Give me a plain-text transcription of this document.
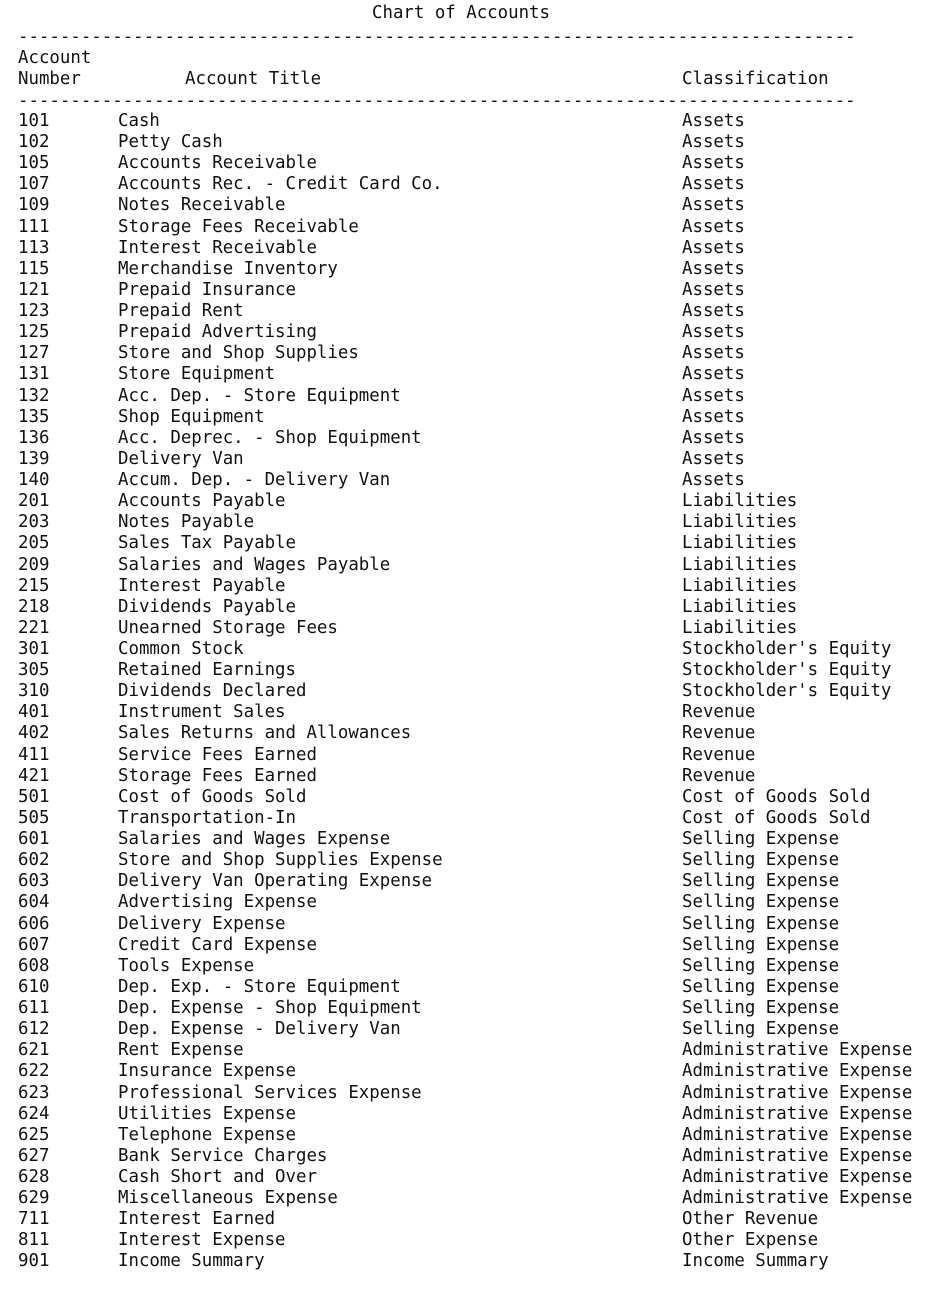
Chart of Accounts
--------------------------------------------------------------------------------
Account
Number	Account Title	Classification
--------------------------------------------------------------------------------
101	Cash	Assets
102	Petty Cash	Assets
105	Accounts Receivable	Assets
107	Accounts Rec. - Credit Card Co.	Assets
109	Notes Receivable	Assets
111	Storage Fees Receivable	Assets
113	Interest Receivable	Assets
115	Merchandise Inventory	Assets
121	Prepaid Insurance	Assets
123	Prepaid Rent	Assets
125	Prepaid Advertising	Assets
127	Store and Shop Supplies	Assets
131	Store Equipment	Assets
132	Acc. Dep. - Store Equipment	Assets
135	Shop Equipment	Assets
136	Acc. Deprec. - Shop Equipment	Assets
139	Delivery Van	Assets
140	Accum. Dep. - Delivery Van	Assets
201	Accounts Payable	Liabilities
203	Notes Payable	Liabilities
205	Sales Tax Payable	Liabilities
209	Salaries and Wages Payable	Liabilities
215	Interest Payable	Liabilities
218	Dividends Payable	Liabilities
221	Unearned Storage Fees	Liabilities
301	Common Stock	Stockholder's Equity
305	Retained Earnings	Stockholder's Equity
310	Dividends Declared	Stockholder's Equity
401	Instrument Sales	Revenue
402	Sales Returns and Allowances	Revenue
411	Service Fees Earned	Revenue
421	Storage Fees Earned	Revenue
501	Cost of Goods Sold	Cost of Goods Sold
505	Transportation-In	Cost of Goods Sold
601	Salaries and Wages Expense	Selling Expense
602	Store and Shop Supplies Expense	Selling Expense
603	Delivery Van Operating Expense	Selling Expense
604	Advertising Expense	Selling Expense
606	Delivery Expense	Selling Expense
607	Credit Card Expense	Selling Expense
608	Tools Expense	Selling Expense
610	Dep. Exp. - Store Equipment	Selling Expense
611	Dep. Expense - Shop Equipment	Selling Expense
612	Dep. Expense - Delivery Van	Selling Expense
621	Rent Expense	Administrative Expense
622	Insurance Expense	Administrative Expense
623	Professional Services Expense	Administrative Expense
624	Utilities Expense	Administrative Expense
625	Telephone Expense	Administrative Expense
627	Bank Service Charges	Administrative Expense
628	Cash Short and Over	Administrative Expense
629	Miscellaneous Expense	Administrative Expense
711	Interest Earned	Other Revenue
811	Interest Expense	Other Expense
901	Income Summary	Income Summary
